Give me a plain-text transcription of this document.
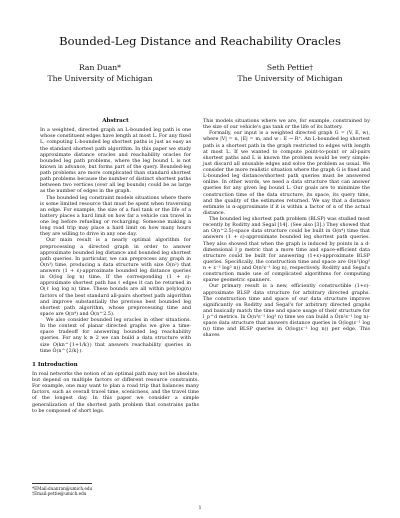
Bounded-Leg Distance and Reachability Oracles
Ran Duan*
The University of Michigan
Seth Pettie†
The University of Michigan
Abstract

In a weighted, directed graph an L-bounded leg path is one whose constituent edges have length at most L. For any fixed L, computing L-bounded leg shortest paths is just as easy as the standard shortest path algorithm. In this paper we study approximate distance oracles and reachability oracles for bounded leg path problems, where the leg bound L is not known in advance, but forms part of the query. Bounded-leg path problems are more complicated than standard shortest path problems because the number of distinct shortest paths between two vertices (over all leg bounds) could be as large as the number of edges in the graph.

The bounded leg constraint models situations where there is some limited resource that must be spent when traversing an edge. For example, the size of a fuel tank or the life of a battery places a hard limit on how far a vehicle can travel in one leg before refueling or recharging. Someone making a long road trip may place a hard limit on how many hours they are willing to drive in any one day.

Our main result is a nearly optimal algorithm for preprocessing a directed graph in order to answer approximate bounded leg distance and bounded leg shortest path queries. In particular, we can preprocess any graph in Õ(n³) time, producing a data structure with size Õ(n²) that answers (1 + ε)-approximate bounded leg distance queries in O(log log n) time. If the corresponding (1 + ε)-approximate shortest path has ℓ edges it can be returned in O(ℓ log log n) time. These bounds are all within polylog(n) factors of the best standard all-pairs shortest path algorithm and improve substantially the previous best bounded leg shortest path algorithm, whose preprocessing time and space are O(n⁴) and Õ(n^2.5).

We also consider bounded leg oracles in other situations. In the context of planar directed graphs we give a time-space tradeoff for answering bounded leg reachability queries. For any k ≥ 2 we can build a data structure with size O(kn^{1+1/k}) that answers reachability queries in time Õ(n^{2/k}).

1 Introduction

In real networks the notion of an optimal path may not be absolute, but depend on multiple factors or different resource constraints. For example, one may want to plan a road trip that balances many factors, such as overall travel time, scenicness, and the travel time of the longest day. In this paper we consider a simple generalization of the shortest path problem that constrains paths to be composed of short legs.

This models situations where we are, for example, constrained by the size of our vehicle's gas tank or the life of its battery.

Formally, our input is a weighted directed graph G = (V, E, w), where |V| = n, |E| = m, and w : E → R⁺. An L-bounded leg shortest path is a shortest path in the graph restricted to edges with length at most L. If we wanted to compute point-to-point or all-pairs shortest paths and L is known the problem would be very simple: just discard all unusable edges and solve the problem as usual. We consider the more realistic situation where the graph G is fixed and L-bounded leg distance/shortest path queries must be answered online. In other words, we need a data structure that can answer queries for any given leg bound L. Our goals are to minimize the construction time of the data structure, its space, its query time, and the quality of the estimates returned. We say that a distance estimate is α-approximate if it is within a factor of α of the actual distance.

The bounded leg shortest path problem (BLSP) was studied most recently by Roditty and Segal [14]. (See also [3].) They showed that an O(n^2.5)-space data structure could be built in O(n⁴) time that answers (1 + ε)-approximate bounded leg shortest path queries. They also showed that when the graph is induced by points in a d-dimensional l_p metric that a more time and space-efficient data structure could be built for answering (1+ε)-approximate BLSP queries. Specifically, the construction time and space are O(n³(log³ n + ε⁻² log² n)) and O(n²ε⁻¹ log n), respectively. Roditty and Segal's construction made use of complicated algorithms for computing sparse geometric spanners.

Our primary result is a new, efficiently constructible (1+ε)-approximate BLSP data structure for arbitrary directed graphs. The construction time and space of our data structure improve significantly on Roditty and Segal's for arbitrary directed graphs and basically match the time and space usage of their structure for l_p^d metrics. In Õ(n³ε⁻¹ log³ n) time we can build a Õ(n²ε⁻¹ log n)-space data structure that answers distance queries in O(log(ε⁻¹ log n)) time and BLSP queries in O(log(ε⁻¹ log n)) per edge. This shaves

*EMail:duanran@umich.edu
†Email:pettie@umich.edu
1
